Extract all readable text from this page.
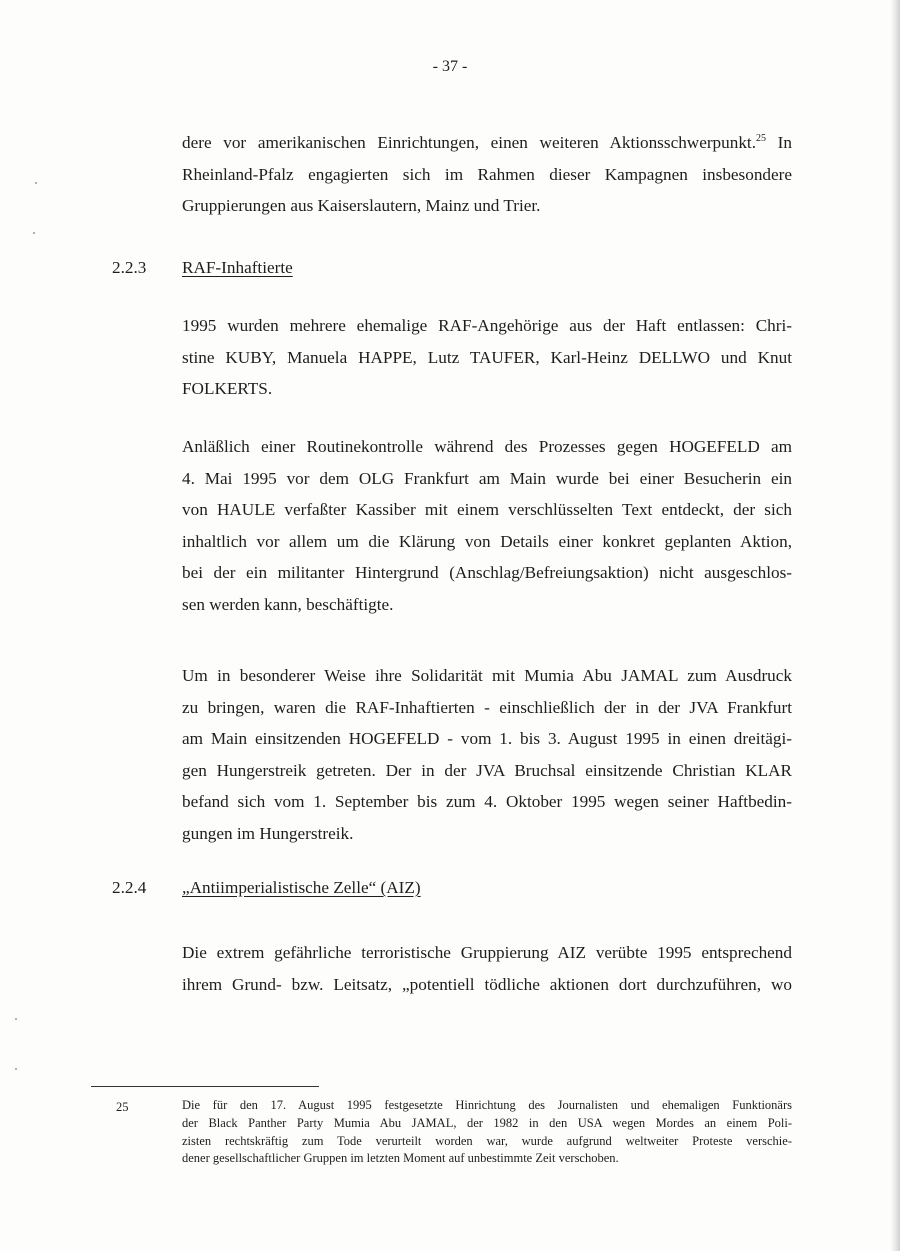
- 37 -
dere vor amerikanischen Einrichtungen, einen weiteren Aktionsschwerpunkt.$^{25}$ In
Rheinland-Pfalz engagierten sich im Rahmen dieser Kampagnen insbesondere
Gruppierungen aus Kaiserslautern, Mainz und Trier.
2.2.3 RAF-Inhaftierte
1995 wurden mehrere ehemalige RAF-Angehörige aus der Haft entlassen: Chri-
stine KUBY, Manuela HAPPE, Lutz TAUFER, Karl-Heinz DELLWO und Knut
FOLKERTS.
Anläßlich einer Routinekontrolle während des Prozesses gegen HOGEFELD am
4. Mai 1995 vor dem OLG Frankfurt am Main wurde bei einer Besucherin ein
von HAULE verfaßter Kassiber mit einem verschlüsselten Text entdeckt, der sich
inhaltlich vor allem um die Klärung von Details einer konkret geplanten Aktion,
bei der ein militanter Hintergrund (Anschlag/Befreiungsaktion) nicht ausgeschlos-
sen werden kann, beschäftigte.
Um in besonderer Weise ihre Solidarität mit Mumia Abu JAMAL zum Ausdruck
zu bringen, waren die RAF-Inhaftierten - einschließlich der in der JVA Frankfurt
am Main einsitzenden HOGEFELD - vom 1. bis 3. August 1995 in einen dreitägi-
gen Hungerstreik getreten. Der in der JVA Bruchsal einsitzende Christian KLAR
befand sich vom 1. September bis zum 4. Oktober 1995 wegen seiner Haftbedin-
gungen im Hungerstreik.
2.2.4 „Antiimperialistische Zelle“ (AIZ)
Die extrem gefährliche terroristische Gruppierung AIZ verübte 1995 entsprechend
ihrem Grund- bzw. Leitsatz, „potentiell tödliche aktionen dort durchzuführen, wo
25	Die für den 17. August 1995 festgesetzte Hinrichtung des Journalisten und ehemaligen Funktionärs
der Black Panther Party Mumia Abu JAMAL, der 1982 in den USA wegen Mordes an einem Poli-
zisten rechtskräftig zum Tode verurteilt worden war, wurde aufgrund weltweiter Proteste verschie-
dener gesellschaftlicher Gruppen im letzten Moment auf unbestimmte Zeit verschoben.
